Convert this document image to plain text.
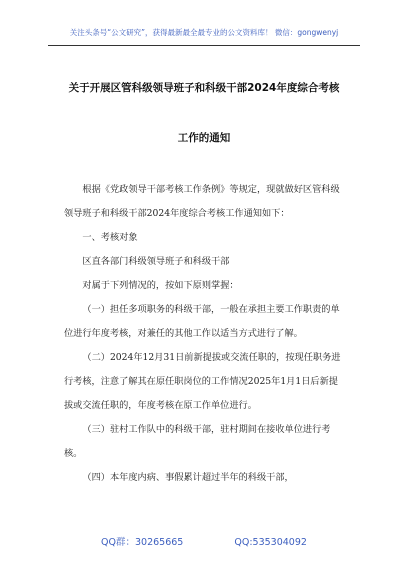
关注头条号“公文研究”，获得最新最全最专业的公文资料库！ 微信：gongwenyj
关于开展区管科级领导班子和科级干部2024年度综合考核
工作的通知

根据《党政领导干部考核工作条例》等规定，现就做好区管科级领导班子和科级干部2024年度综合考核工作通知如下：

一、考核对象

区直各部门科级领导班子和科级干部

对属于下列情况的，按如下原则掌握：

（一）担任多项职务的科级干部，一般在承担主要工作职责的单位进行年度考核，对兼任的其他工作以适当方式进行了解。

（二）2024年12月31日前新提拔或交流任职的，按现任职务进行考核，注意了解其在原任职岗位的工作情况2025年1月1日后新提拔或交流任职的，年度考核在原工作单位进行。

（三）驻村工作队中的科级干部，驻村期间在接收单位进行考核。

（四）本年度内病、事假累计超过半年的科级干部，

QQ群：30265665	QQ:535304092
